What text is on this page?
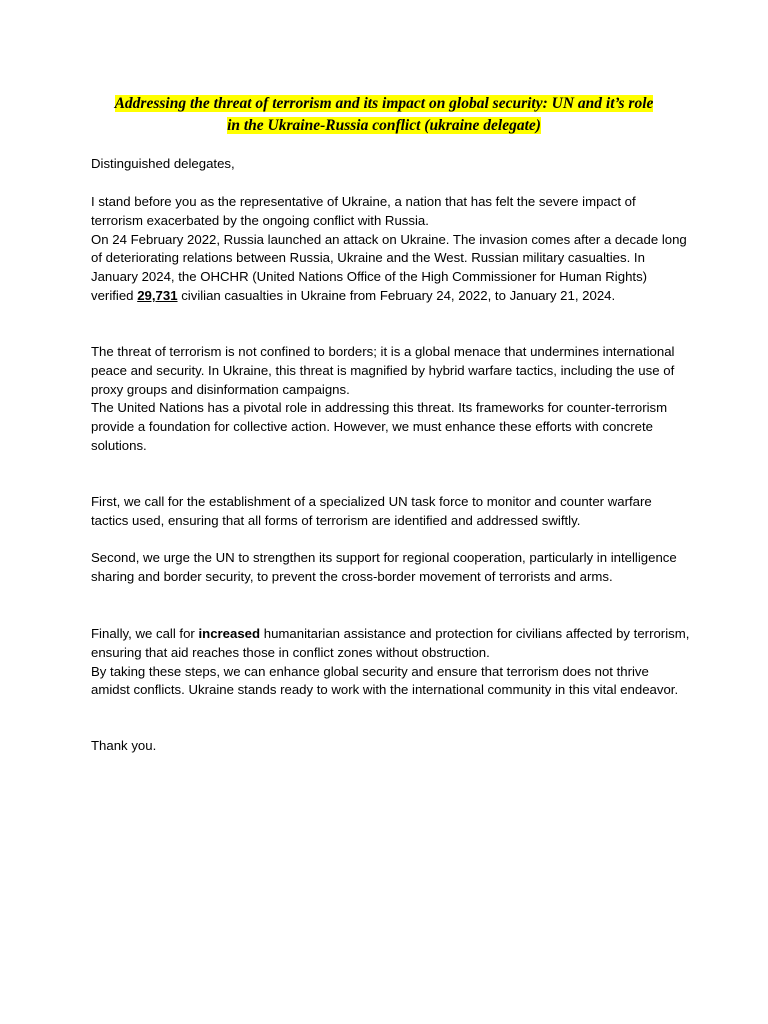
Addressing the threat of terrorism and its impact on global security: UN and it’s role
in the Ukraine-Russia conflict (ukraine delegate)

Distinguished delegates,

I stand before you as the representative of Ukraine, a nation that has felt the severe impact of terrorism exacerbated by the ongoing conflict with Russia.
On 24 February 2022, Russia launched an attack on Ukraine. The invasion comes after a decade long of deteriorating relations between Russia, Ukraine and the West. Russian military casualties. In January 2024, the OHCHR (United Nations Office of the High Commissioner for Human Rights) verified 29,731 civilian casualties in Ukraine from February 24, 2022, to January 21, 2024.
The threat of terrorism is not confined to borders; it is a global menace that undermines international peace and security. In Ukraine, this threat is magnified by hybrid warfare tactics, including the use of proxy groups and disinformation campaigns.
The United Nations has a pivotal role in addressing this threat. Its frameworks for counter-terrorism provide a foundation for collective action. However, we must enhance these efforts with concrete solutions.

First, we call for the establishment of a specialized UN task force to monitor and counter warfare tactics used, ensuring that all forms of terrorism are identified and addressed swiftly.

Second, we urge the UN to strengthen its support for regional cooperation, particularly in intelligence sharing and border security, to prevent the cross-border movement of terrorists and arms.

Finally, we call for increased humanitarian assistance and protection for civilians affected by terrorism, ensuring that aid reaches those in conflict zones without obstruction.
By taking these steps, we can enhance global security and ensure that terrorism does not thrive amidst conflicts. Ukraine stands ready to work with the international community in this vital endeavor.

Thank you.
